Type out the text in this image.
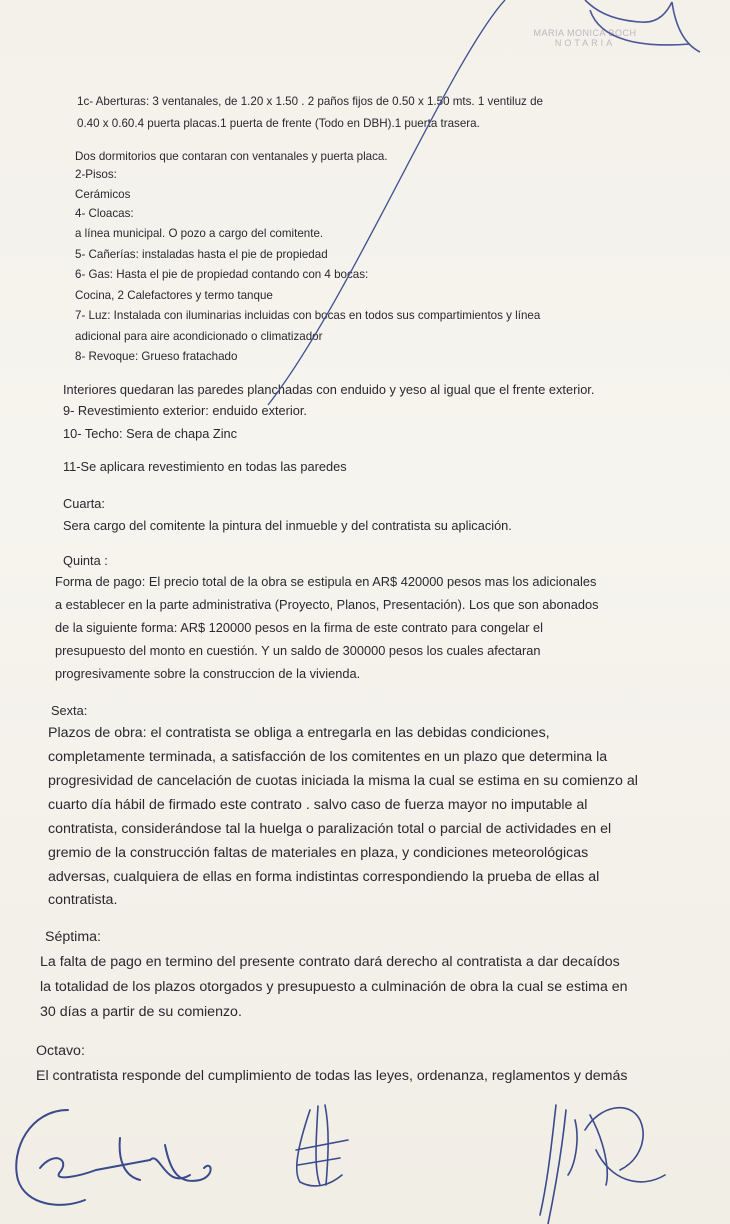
MARIA MONICA BOCH
NOTARIA

1c- Aberturas: 3 ventanales, de 1.20 x 1.50 . 2 paños fijos de 0.50 x 1.50 mts. 1 ventiluz de

0.40 x 0.60.4 puerta placas.1 puerta de frente (Todo en DBH).1 puerta trasera.

Dos dormitorios que contaran con ventanales y puerta placa.

2-Pisos:

Cerámicos

4- Cloacas:

a línea municipal. O pozo a cargo del comitente.

5- Cañerías: instaladas hasta el pie de propiedad

6- Gas: Hasta el pie de propiedad contando con 4 bocas:

Cocina, 2 Calefactores y termo tanque

7- Luz: Instalada con iluminarias incluidas con bocas en todos sus compartimientos y línea

adicional para aire acondicionado o climatizador

8- Revoque: Grueso fratachado

Interiores quedaran las paredes planchadas con enduido y yeso al igual que el frente exterior.

9- Revestimiento exterior: enduido exterior.

10- Techo: Sera de chapa Zinc

11-Se aplicara revestimiento en todas las paredes

Cuarta:

Sera cargo del comitente la pintura del inmueble y del contratista su aplicación.

Quinta :

Forma de pago: El precio total de la obra se estipula en AR$ 420000 pesos mas los adicionales

a establecer en la parte administrativa (Proyecto, Planos, Presentación). Los que son abonados

de la siguiente forma: AR$ 120000 pesos en la firma de este contrato para congelar el

presupuesto del monto en cuestión. Y un saldo de 300000 pesos los cuales afectaran

progresivamente sobre la construccion de la vivienda.

Sexta:

Plazos de obra: el contratista se obliga a entregarla en las debidas condiciones,

completamente terminada, a satisfacción de los comitentes en un plazo que determina la

progresividad de cancelación de cuotas iniciada la misma la cual se estima en su comienzo al

cuarto día hábil de firmado este contrato . salvo caso de fuerza mayor no imputable al

contratista, considerándose tal la huelga o paralización total o parcial de actividades en el

gremio de la construcción faltas de materiales en plaza, y condiciones meteorológicas

adversas, cualquiera de ellas en forma indistintas correspondiendo la prueba de ellas al

contratista.

Séptima:

La falta de pago en termino del presente contrato dará derecho al contratista a dar decaídos

la totalidad de los plazos otorgados y presupuesto a culminación de obra la cual se estima en

30 días a partir de su comienzo.

Octavo:

El contratista responde del cumplimiento de todas las leyes, ordenanza, reglamentos y demás
